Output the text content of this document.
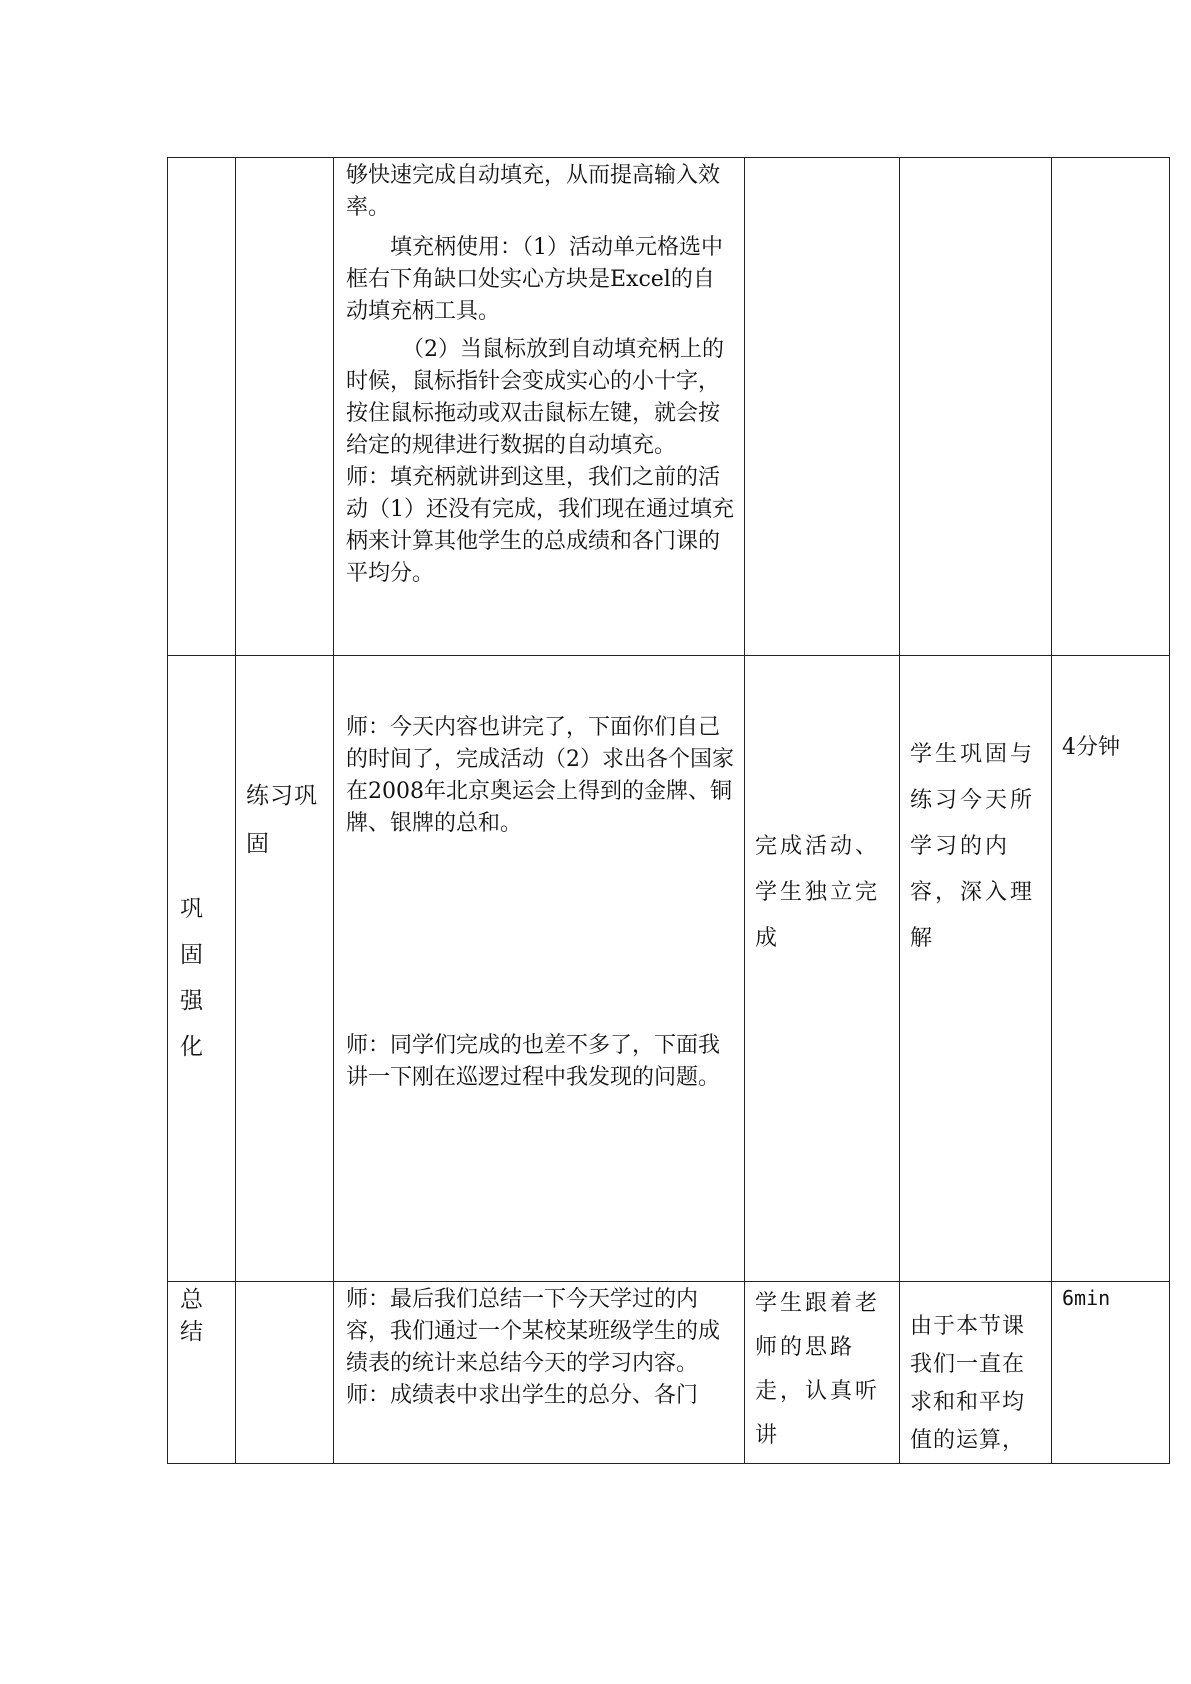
		够快速完成自动填充，从而提高输入效率。

填充柄使用：（1）活动单元格选中框右下角缺口处实心方块是Excel的自动填充柄工具。

（2）当鼠标放到自动填充柄上的时候，鼠标指针会变成实心的小十字，按住鼠标拖动或双击鼠标左键，就会按给定的规律进行数据的自动填充。

师：填充柄就讲到这里，我们之前的活动（1）还没有完成，我们现在通过填充柄来计算其他学生的总成绩和各门课的平均分。			

巩固强化	练习巩固	师：今天内容也讲完了，下面你们自己的时间了，完成活动（2）求出各个国家在2008年北京奥运会上得到的金牌、铜牌、银牌的总和。

师：同学们完成的也差不多了，下面我讲一下刚在巡逻过程中我发现的问题。	完成活动、学生独立完成	学生巩固与练习今天所学习的内容，深入理解	4分钟

总结		师：最后我们总结一下今天学过的内容，我们通过一个某校某班级学生的成绩表的统计来总结今天的学习内容。

师：成绩表中求出学生的总分、各门	学生跟着老师的思路走，认真听讲	由于本节课我们一直在求和和平均值的运算，	6min
